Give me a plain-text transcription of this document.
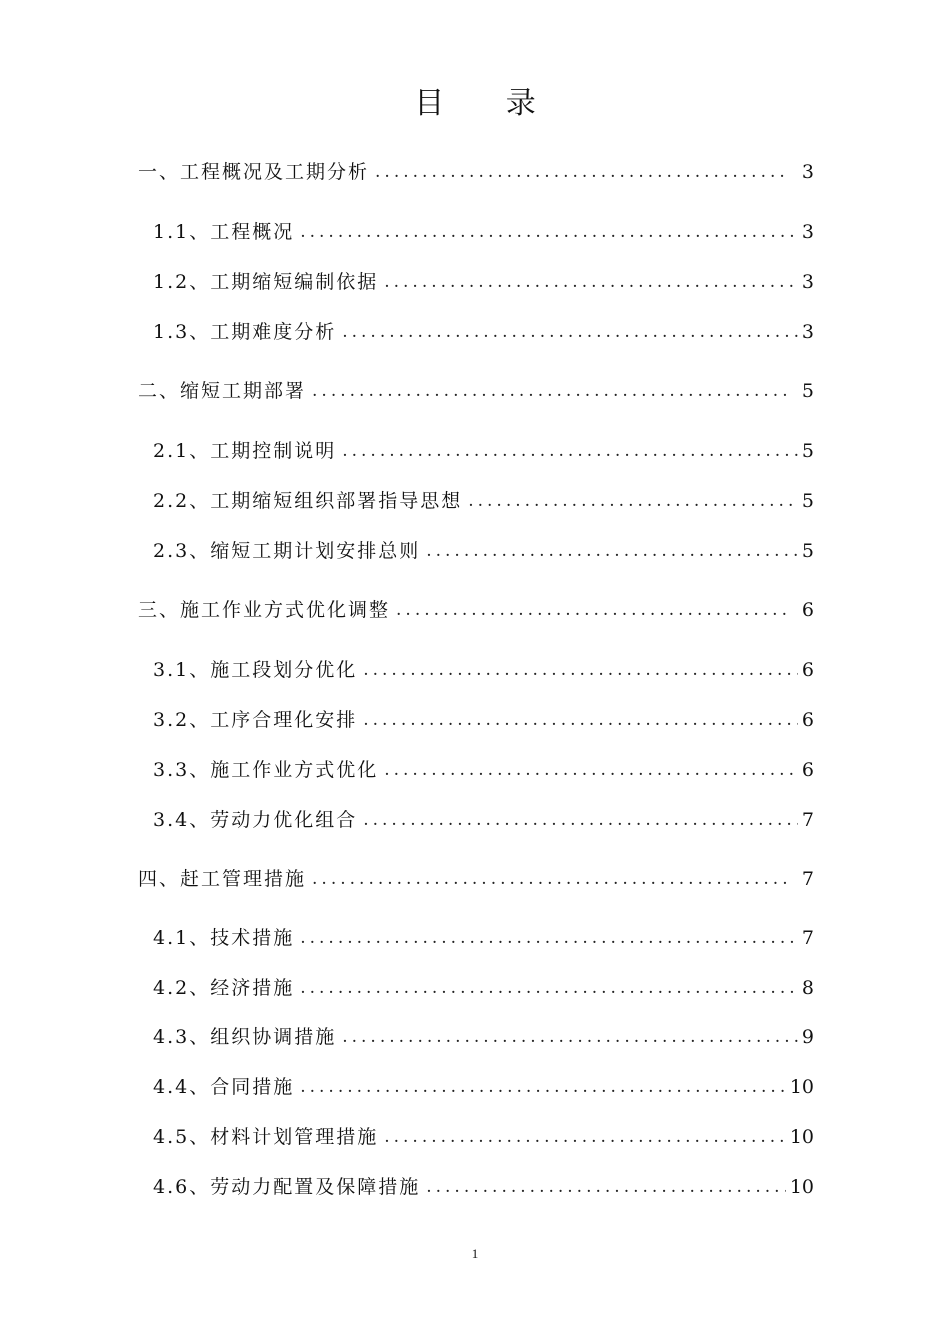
目 录
一、工程概况及工期分析 .....	3
1.1、工程概况 .....	3
1.2、工期缩短编制依据 .....	3
1.3、工期难度分析 .....	3
二、缩短工期部署 .....	5
2.1、工期控制说明 .....	5
2.2、工期缩短组织部署指导思想 .....	5
2.3、缩短工期计划安排总则 .....	5
三、施工作业方式优化调整 .....	6
3.1、施工段划分优化 .....	6
3.2、工序合理化安排 .....	6
3.3、施工作业方式优化 .....	6
3.4、劳动力优化组合 .....	7
四、赶工管理措施 .....	7
4.1、技术措施 .....	7
4.2、经济措施 .....	8
4.3、组织协调措施 .....	9
4.4、合同措施 .....	10
4.5、材料计划管理措施 .....	10
4.6、劳动力配置及保障措施 .....	10
1
